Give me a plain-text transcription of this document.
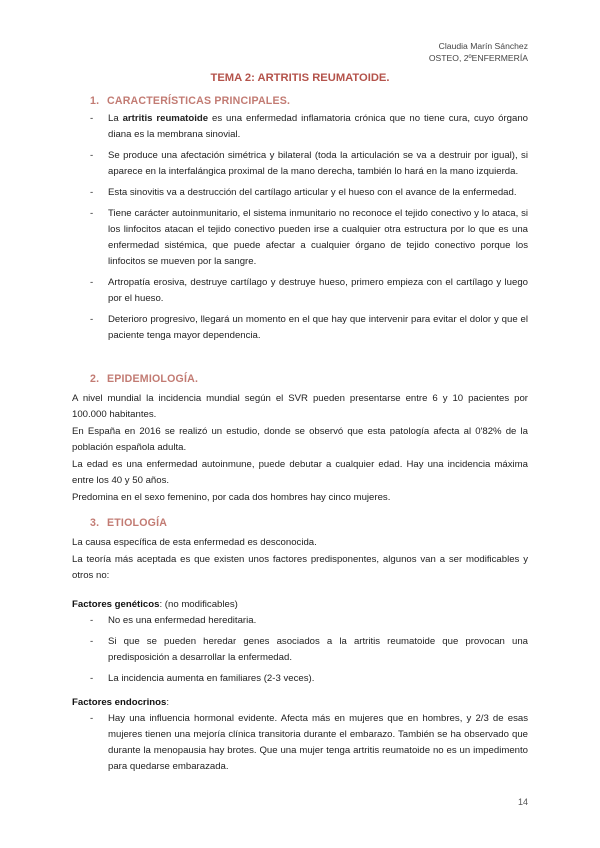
Claudia Marín Sánchez
OSTEO, 2ºENFERMERÍA
TEMA 2: ARTRITIS REUMATOIDE.
1. CARACTERÍSTICAS PRINCIPALES.
- La artritis reumatoide es una enfermedad inflamatoria crónica que no tiene cura, cuyo órgano diana es la membrana sinovial.
- Se produce una afectación simétrica y bilateral (toda la articulación se va a destruir por igual), si aparece en la interfalángica proximal de la mano derecha, también lo hará en la mano izquierda.
- Esta sinovitis va a destrucción del cartílago articular y el hueso con el avance de la enfermedad.
- Tiene carácter autoinmunitario, el sistema inmunitario no reconoce el tejido conectivo y lo ataca, si los linfocitos atacan el tejido conectivo pueden irse a cualquier otra estructura por lo que es una enfermedad sistémica, que puede afectar a cualquier órgano de tejido conectivo porque los linfocitos se mueven por la sangre.
- Artropatía erosiva, destruye cartílago y destruye hueso, primero empieza con el cartílago y luego por el hueso.
- Deterioro progresivo, llegará un momento en el que hay que intervenir para evitar el dolor y que el paciente tenga mayor dependencia.
2. EPIDEMIOLOGÍA.

A nivel mundial la incidencia mundial según el SVR pueden presentarse entre 6 y 10 pacientes por 100.000 habitantes.

En España en 2016 se realizó un estudio, donde se observó que esta patología afecta al 0'82% de la población española adulta.

La edad es una enfermedad autoinmune, puede debutar a cualquier edad. Hay una incidencia máxima entre los 40 y 50 años.

Predomina en el sexo femenino, por cada dos hombres hay cinco mujeres.

3. ETIOLOGÍA

La causa específica de esta enfermedad es desconocida.

La teoría más aceptada es que existen unos factores predisponentes, algunos van a ser modificables y otros no:

Factores genéticos: (no modificables)
- No es una enfermedad hereditaria.
- Si que se pueden heredar genes asociados a la artritis reumatoide que provocan una predisposición a desarrollar la enfermedad.
- La incidencia aumenta en familiares (2-3 veces).
Factores endocrinos:
- Hay una influencia hormonal evidente. Afecta más en mujeres que en hombres, y 2/3 de esas mujeres tienen una mejoría clínica transitoria durante el embarazo. También se ha observado que durante la menopausia hay brotes. Que una mujer tenga artritis reumatoide no es un impedimento para quedarse embarazada.
14
